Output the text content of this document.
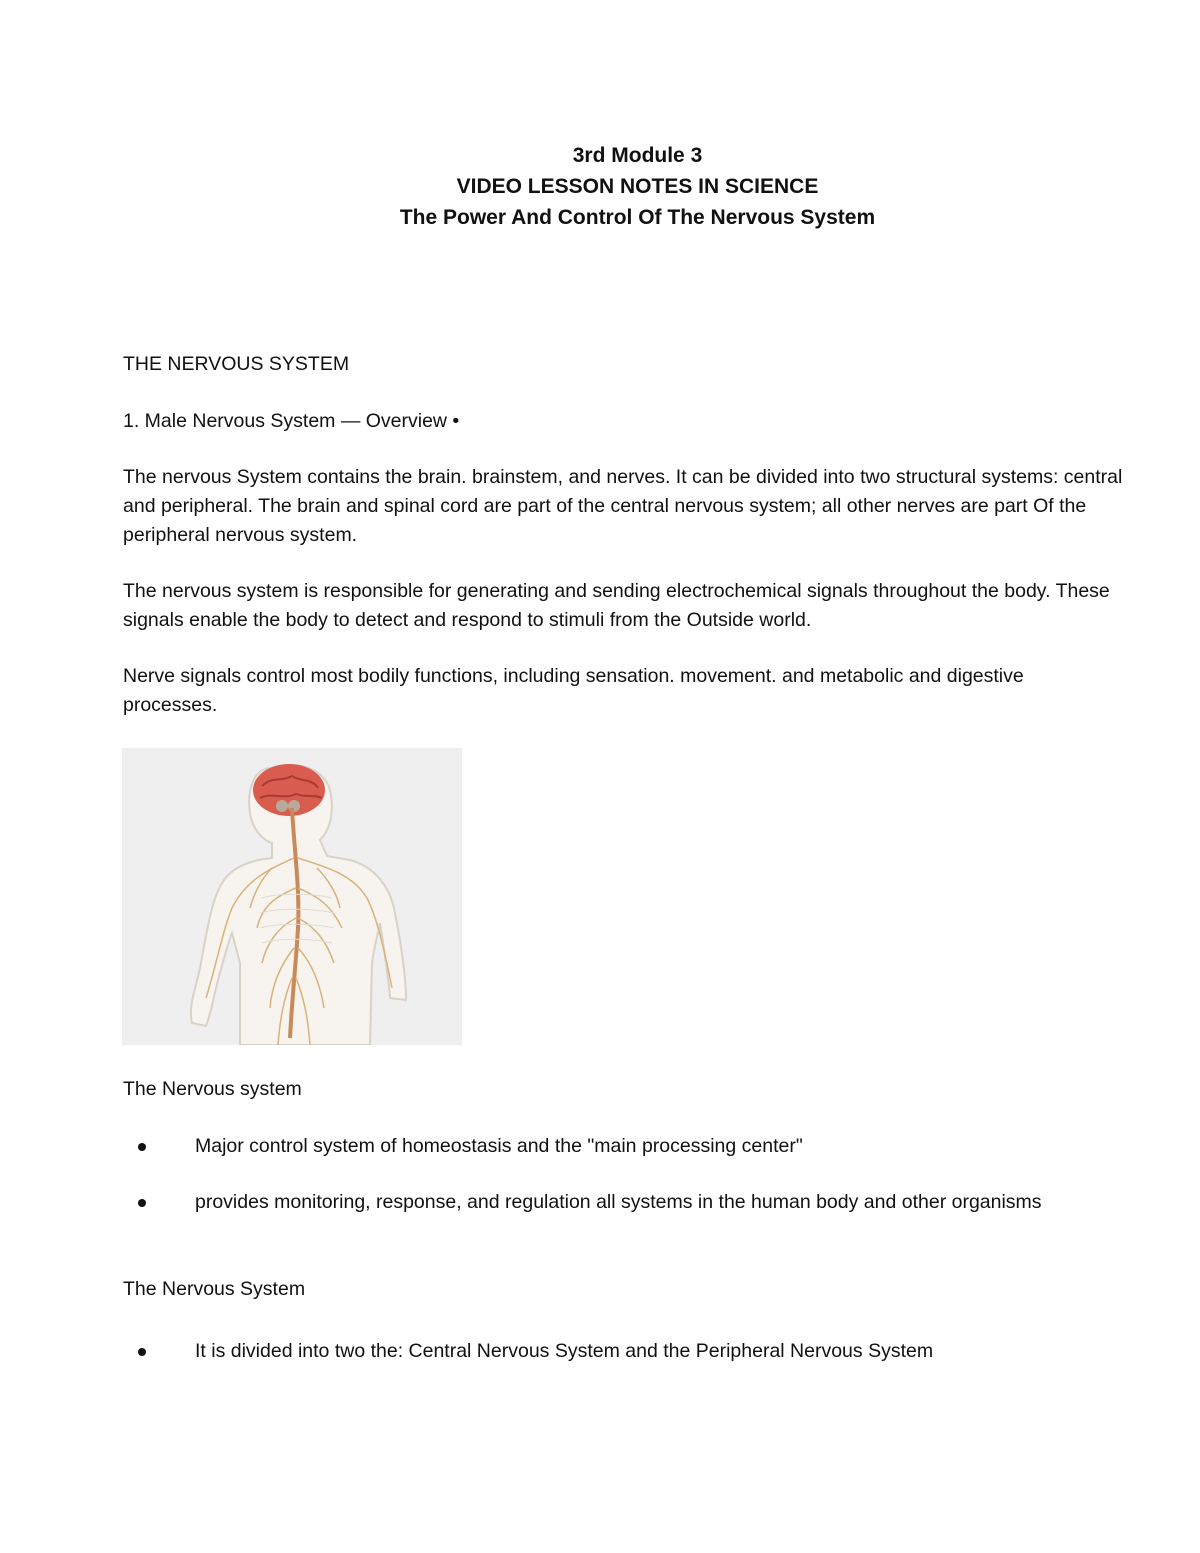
3rd Module 3
VIDEO LESSON NOTES IN SCIENCE
The Power And Control Of The Nervous System
THE NERVOUS SYSTEM
1. Male Nervous System — Overview •

The nervous System contains the brain. brainstem, and nerves. It can be divided into two structural systems: central and peripheral. The brain and spinal cord are part of the central nervous system; all other nerves are part Of the peripheral nervous system.

The nervous system is responsible for generating and sending electrochemical signals throughout the body. These signals enable the body to detect and respond to stimuli from the Outside world.

Nerve signals control most bodily functions, including sensation. movement. and metabolic and digestive processes.

The Nervous system
Major control system of homeostasis and the "main processing center"
provides monitoring, response, and regulation all systems in the human body and other organisms
The Nervous System
It is divided into two the: Central Nervous System and the Peripheral Nervous System
